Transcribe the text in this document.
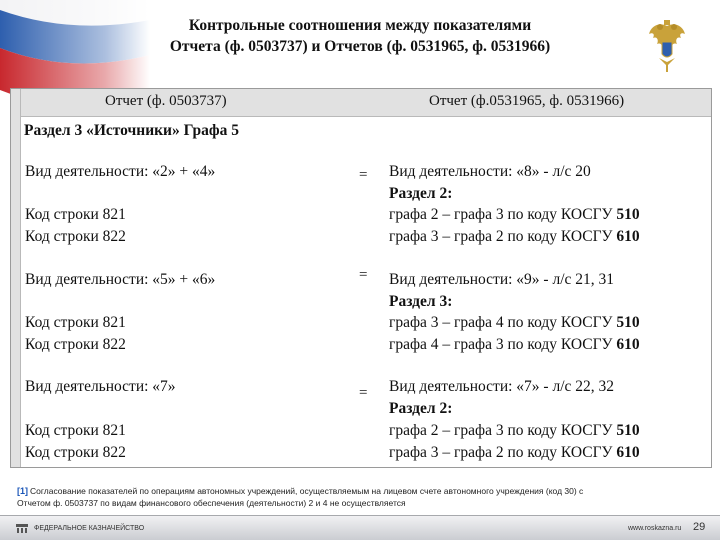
Контрольные соотношения между показателями
Отчета (ф. 0503737) и Отчетов (ф. 0531965, ф. 0531966)
Отчет (ф. 0503737)	Отчет (ф.0531965, ф. 0531966)
Раздел 3 «Источники» Графа 5
Вид деятельности: «2» + «4»
Код строки 821
Код строки 822
= Вид деятельности: «8» - л/с 20
Раздел 2:
графа 2 – графа 3 по коду КОСГУ 510
графа 3 – графа 2 по коду КОСГУ 610
Вид деятельности: «5» + «6»
Код строки 821
Код строки 822
= Вид деятельности: «9» - л/с 21, 31
Раздел 3:
графа 3 – графа 4 по коду КОСГУ 510
графа 4 – графа 3 по коду КОСГУ 610
Вид деятельности: «7»
Код строки 821
Код строки 822
= Вид деятельности: «7» - л/с 22, 32
Раздел 2:
графа 2 – графа 3 по коду КОСГУ 510
графа 3 – графа 2 по коду КОСГУ 610
[1] Согласование показателей по операциям автономных учреждений, осуществляемым на лицевом счете автономного учреждения (код 30) с
Отчетом ф. 0503737 по видам финансового обеспечения (деятельности) 2 и 4 не осуществляется
ФЕДЕРАЛЬНОЕ КАЗНАЧЕЙСТВО	www.roskazna.ru 29
